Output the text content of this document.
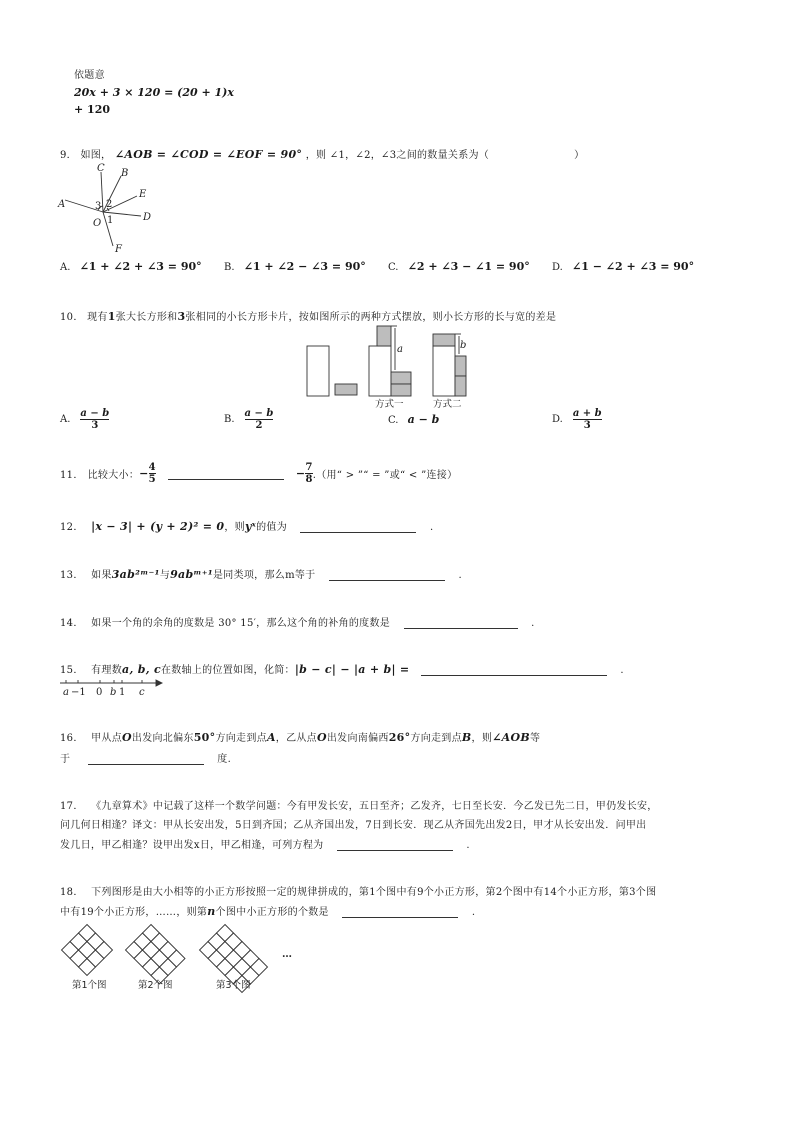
依题意
20x + 3 × 120 = (20 + 1)x
+ 120
9． 如图， ∠AOB = ∠COD = ∠EOF = 90° ，则 ∠1，∠2，∠3之间的数量关系为（	）
C B
E
A
D
O
F
3 2
1
A. ∠1 + ∠2 + ∠3 = 90° B. ∠1 + ∠2 − ∠3 = 90° C. ∠2 + ∠3 − ∠1 = 90° D. ∠1 − ∠2 + ∠3 = 90°
10． 现有1张大长方形和3张相同的小长方形卡片，按如图所示的两种方式摆放，则小长方形的长与宽的差是
a	b
方式一	方式二
A. $\frac{a - b}{3}$	B. $\frac{a - b}{2}$	C. a − b	D. $\frac{a + b}{3}$
11． 比较大小： − $\frac{4}{5}$	− $\frac{7}{8}$ .（用“ > ”“ = ”或“ < ”连接）
12． |x − 3| + (y + 2)² = 0，则yˣ的值为	.
13． 如果3ab²ᵐ⁻¹与9abᵐ⁺¹是同类项，那么m等于	.
14． 如果一个角的余角的度数是 30° 15′，那么这个角的补角的度数是	.
15． 有理数a, b, c在数轴上的位置如图，化简：|b − c| − |a + b| =	.
a −1 0 b 1 c
16． 甲从点O出发向北偏东50°方向走到点A，乙从点O出发向南偏西26°方向走到点B，则∠AOB等
于	度.
17． 《九章算术》中记载了这样一个数学问题：今有甲发长安，五日至齐；乙发齐，七日至长安．今乙发已先二日，甲仍发长安，
问几何日相逢？译文：甲从长安出发，5日到齐国；乙从齐国出发，7日到长安．现乙从齐国先出发2日，甲才从长安出发．问甲出
发几日，甲乙相逢？设甲出发x日，甲乙相逢，可列方程为	.
18． 下列图形是由大小相等的小正方形按照一定的规律拼成的，第1个图中有9个小正方形，第2个图中有14个小正方形，第3个图
中有19个小正方形，……，则第n个图中小正方形的个数是	.
…
第1个图	第2个图	第3个图
